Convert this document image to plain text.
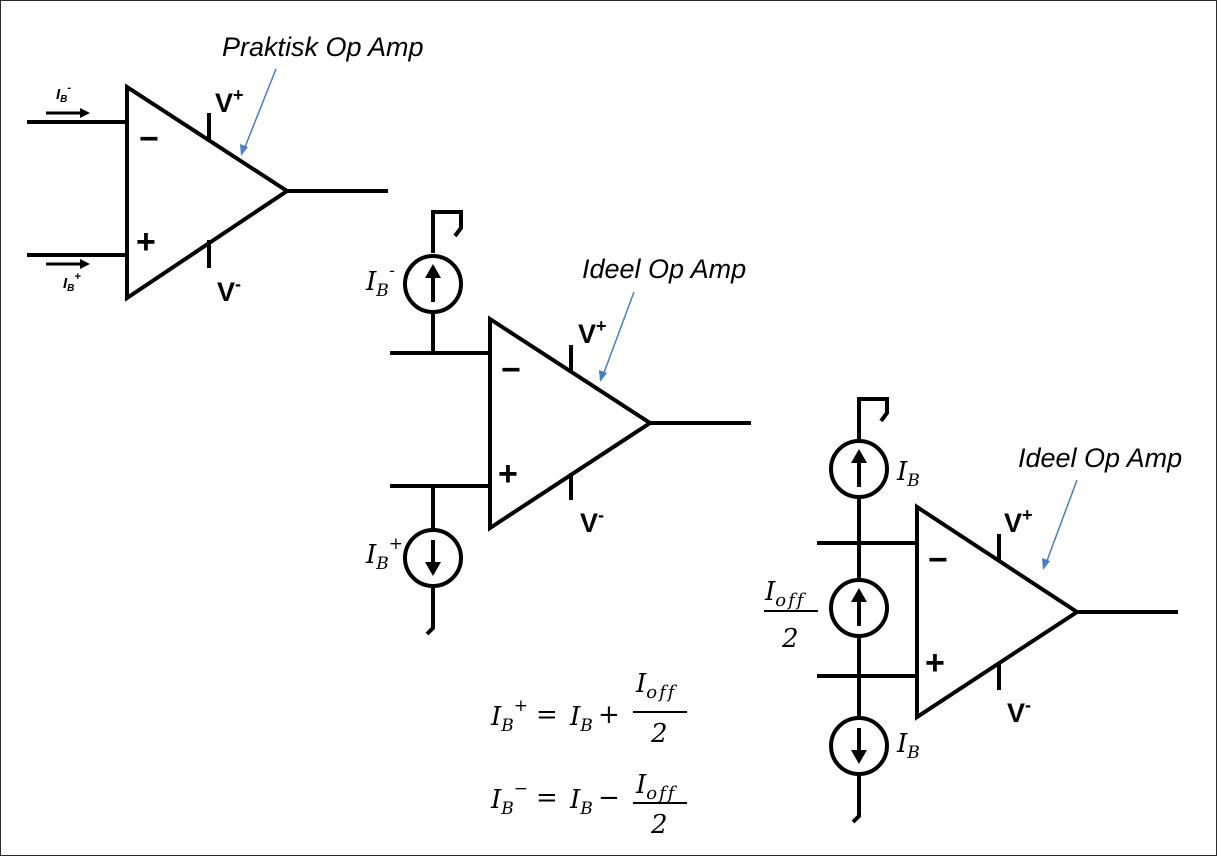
−
+
V+
V-
$I_B^-$
$I_B^+$
Praktisk Op Amp
−
+
V+
V-
$I_B^-$
$I_B^+$
Ideel Op Amp
−
+
V+
V-
$I_B$
$I_B$
$I_{off}$
2
Ideel Op Amp
$I_B^+ = I_B$ +
$I_{off}$
2
$I_B^- = I_B - I_{off}$
2
